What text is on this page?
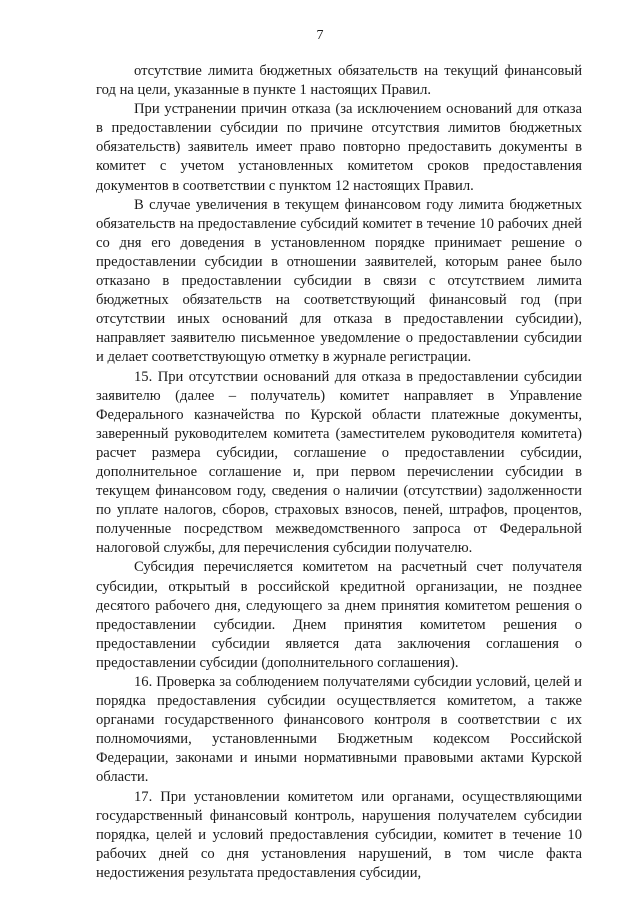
7

отсутствие лимита бюджетных обязательств на текущий финансовый год на цели, указанные в пункте 1 настоящих Правил.

При устранении причин отказа (за исключением оснований для отказа в предоставлении субсидии по причине отсутствия лимитов бюджетных обязательств) заявитель имеет право повторно предоставить документы в комитет с учетом установленных комитетом сроков предоставления документов в соответствии с пунктом 12 настоящих Правил.

В случае увеличения в текущем финансовом году лимита бюджетных обязательств на предоставление субсидий комитет в течение 10 рабочих дней со дня его доведения в установленном порядке принимает решение о предоставлении субсидии в отношении заявителей, которым ранее было отказано в предоставлении субсидии в связи с отсутствием лимита бюджетных обязательств на соответствующий финансовый год (при отсутствии иных оснований для отказа в предоставлении субсидии), направляет заявителю письменное уведомление о предоставлении субсидии и делает соответствующую отметку в журнале регистрации.

15. При отсутствии оснований для отказа в предоставлении субсидии заявителю (далее – получатель) комитет направляет в Управление Федерального казначейства по Курской области платежные документы, заверенный руководителем комитета (заместителем руководителя комитета) расчет размера субсидии, соглашение о предоставлении субсидии, дополнительное соглашение и, при первом перечислении субсидии в текущем финансовом году, сведения о наличии (отсутствии) задолженности по уплате налогов, сборов, страховых взносов, пеней, штрафов, процентов, полученные посредством межведомственного запроса от Федеральной налоговой службы, для перечисления субсидии получателю.

Субсидия перечисляется комитетом на расчетный счет получателя субсидии, открытый в российской кредитной организации, не позднее десятого рабочего дня, следующего за днем принятия комитетом решения о предоставлении субсидии. Днем принятия комитетом решения о предоставлении субсидии является дата заключения соглашения о предоставлении субсидии (дополнительного соглашения).

16. Проверка за соблюдением получателями субсидии условий, целей и порядка предоставления субсидии осуществляется комитетом, а также органами государственного финансового контроля в соответствии с их полномочиями, установленными Бюджетным кодексом Российской Федерации, законами и иными нормативными правовыми актами Курской области.

17. При установлении комитетом или органами, осуществляющими государственный финансовый контроль, нарушения получателем субсидии порядка, целей и условий предоставления субсидии, комитет в течение 10 рабочих дней со дня установления нарушений, в том числе факта недостижения результата предоставления субсидии,
